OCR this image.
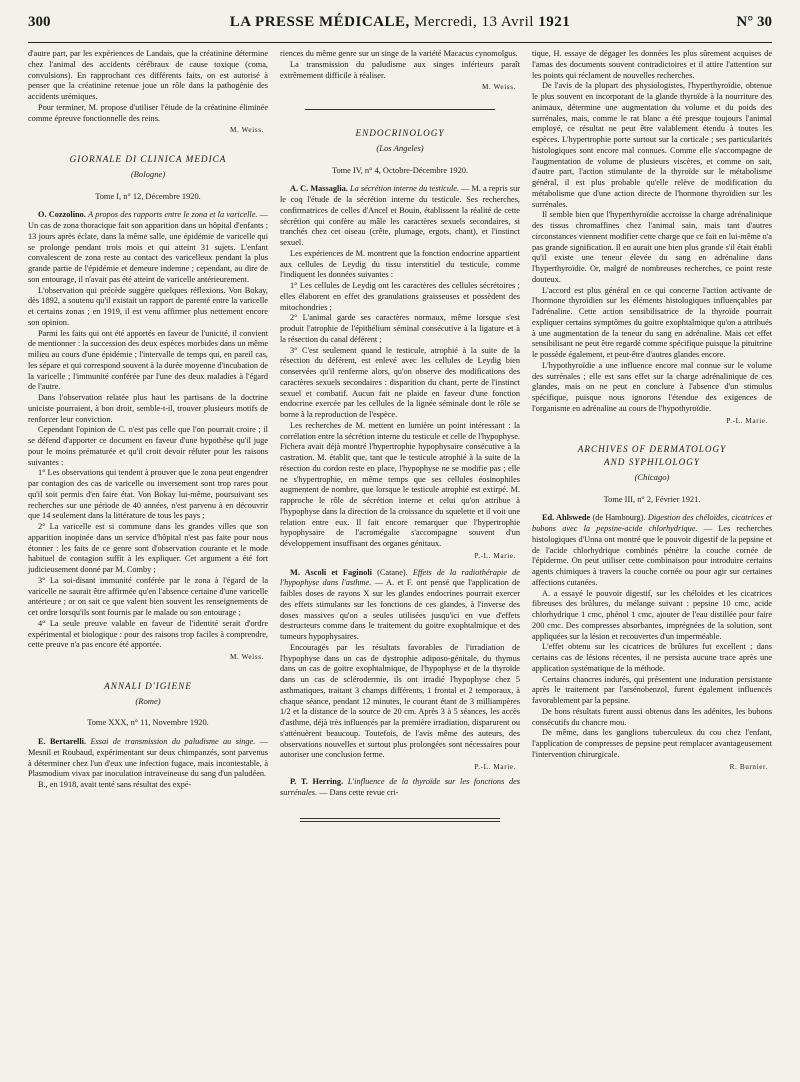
300	LA PRESSE MÉDICALE, Mercredi, 13 Avril 1921	N° 30

d'autre part, par les expériences de Landais, que la créatinine détermine chez l'animal des accidents cérébraux de cause toxique (coma, convulsions). En rapprochant ces différents faits, on est autorisé à penser que la créatinine retenue joue un rôle dans la pathogénie des accidents urémiques.

Pour terminer, M. propose d'utiliser l'étude de la créatinine éliminée comme épreuve fonctionnelle des reins.

M. Weiss.
GIORNALE DI CLINICA MEDICA
(Bologne)
Tome I, n° 12, Décembre 1920.

O. Cozzolino. A propos des rapports entre le zona et la varicelle. — Un cas de zona thoracique fait son apparition dans un hôpital d'enfants ; 13 jours après éclate, dans la même salle, une épidémie de varicelle qui se prolonge pendant trois mois et qui atteint 31 sujets. L'enfant convalescent de zona reste au contact des varicelleux pendant la plus grande partie de l'épidémie et demeure indemne ; cependant, au dire de son entourage, il n'avait pas été atteint de varicelle antérieurement.

L'observation qui précède suggère quelques réflexions. Von Bokay, dès 1892, a soutenu qu'il existait un rapport de parenté entre la varicelle et certains zonas ; en 1919, il est venu affirmer plus nettement encore son opinion.

Parmi les faits qui ont été apportés en faveur de l'unicité, il convient de mentionner : la succession des deux espèces morbides dans un même milieu au cours d'une épidémie ; l'intervalle de temps qui, en pareil cas, les sépare et qui correspond souvent à la durée moyenne d'incubation de la varicelle ; l'immunité conférée par l'une des deux maladies à l'égard de l'autre.

Dans l'observation relatée plus haut les partisans de la doctrine uniciste pourraient, à bon droit, semble-t-il, trouver plusieurs motifs de renforcer leur conviction.

Cependant l'opinion de C. n'est pas celle que l'on pourrait croire ; il se défend d'apporter ce document en faveur d'une hypothèse qu'il juge pour le moins prématurée et qu'il croit devoir réfuter pour les raisons suivantes :

1° Les observations qui tendent à prouver que le zona peut engendrer par contagion des cas de varicelle ou inversement sont trop rares pour qu'il soit permis d'en faire état. Von Bokay lui-même, poursuivant ses recherches sur une période de 40 années, n'est parvenu à en découvrir que 14 seulement dans la littérature de tous les pays ;

2° La varicelle est si commune dans les grandes villes que son apparition inopinée dans un service d'hôpital n'est pas faite pour nous étonner : les faits de ce genre sont d'observation courante et le mode habituel de contagion suffit à les expliquer. Cet argument a été fort judicieusement donné par M. Comby ;

3° La soi-disant immunité conférée par le zona à l'égard de la varicelle ne saurait être affirmée qu'en l'absence certaine d'une varicelle antérieure ; or on sait ce que valent bien souvent les renseignements de cet ordre lorsqu'ils sont fournis par le malade ou son entourage ;

4° La seule preuve valable en faveur de l'identité serait d'ordre expérimental et biologique : pour des raisons trop faciles à comprendre, cette preuve n'a pas encore été apportée.

M. Weiss.
ANNALI D'IGIENE
(Rome)
Tome XXX, n° 11, Novembre 1920.

E. Bertarelli. Essai de transmission du paludisme au singe. — Mesnil et Roubaud, expérimentant sur deux chimpanzés, sont parvenus à déterminer chez l'un d'eux une infection fugace, mais incontestable, à Plasmodium vivax par inoculation intraveineuse du sang d'un paludéen.

B., en 1918, avait tenté sans résultat des expé-

riences du même genre sur un singe de la variété Macacus cynomolgus.

La transmission du paludisme aux singes inférieurs paraît extrêmement difficile à réaliser.

M. Weiss.
ENDOCRINOLOGY
(Los Angeles)
Tome IV, n° 4, Octobre-Décembre 1920.

A. C. Massaglia. La sécrétion interne du testicule. — M. a repris sur le coq l'étude de la sécrétion interne du testicule. Ses recherches, confirmatrices de celles d'Ancel et Bouin, établissent la réalité de cette sécrétion qui confère au mâle les caractères sexuels secondaires, si tranchés chez cet oiseau (crête, plumage, ergots, chant), et l'instinct sexuel.

Les expériences de M. montrent que la fonction endocrine appartient aux cellules de Leydig du tissu interstitiel du testicule, comme l'indiquent les données suivantes :

1° Les cellules de Leydig ont les caractères des cellules sécrétoires ; elles élaborent en effet des granulations graisseuses et possèdent des mitochondries ;

2° L'animal garde ses caractères normaux, même lorsque s'est produit l'atrophie de l'épithélium séminal consécutive à la ligature et à la résection du canal déférent ;

3° C'est seulement quand le testicule, atrophié à la suite de la résection du déférent, est enlevé avec les cellules de Leydig bien conservées qu'il renferme alors, qu'on observe des modifications des caractères sexuels secondaires : disparition du chant, perte de l'instinct sexuel et combatif. Aucun fait ne plaide en faveur d'une fonction endocrine exercée par les cellules de la lignée séminale dont le rôle se borne à la reproduction de l'espèce.

Les recherches de M. mettent en lumière un point intéressant : la corrélation entre la sécrétion interne du testicule et celle de l'hypophyse. Fichera avait déjà montré l'hypertrophie hypophysaire consécutive à la castration. M. établit que, tant que le testicule atrophié à la suite de la résection du cordon reste en place, l'hypophyse ne se modifie pas ; elle ne s'hypertrophie, en même temps que ses cellules éosinophiles augmentent de nombre, que lorsque le testicule atrophié est extirpé. M. rapproche le rôle de sécrétion interne et celui qu'on attribue à l'hypophyse dans la direction de la croissance du squelette et il voit une relation entre eux. Il fait encore remarquer que l'hypertrophie hypophysaire de l'acromégalie s'accompagne souvent d'un développement insuffisant des organes génitaux.

P.-L. Marie.

M. Ascoli et Faginoli (Catane). Effets de la radiothérapie de l'hypophyse dans l'asthme. — A. et F. ont pensé que l'application de faibles doses de rayons X sur les glandes endocrines pourrait exercer des effets stimulants sur les fonctions de ces glandes, à l'inverse des doses massives qu'on a seules utilisées jusqu'ici en vue d'effets destructeurs comme dans le traitement du goitre exophtalmique et des tumeurs hypophysaires.

Encouragés par les résultats favorables de l'irradiation de l'hypophyse dans un cas de dystrophie adiposo-génitale, du thymus dans un cas de goitre exophtalmique, de l'hypophyse et de la thyroïde dans un cas de sclérodermie, ils ont irradié l'hypophyse chez 5 asthmatiques, traitant 3 champs différents, 1 frontal et 2 temporaux, à chaque séance, pendant 12 minutes, le courant étant de 3 milliampères 1/2 et la distance de la source de 20 cm. Après 3 à 5 séances, les accès d'asthme, déjà très influencés par la première irradiation, disparurent ou s'atténuèrent beaucoup. Toutefois, de l'avis même des auteurs, des observations nouvelles et surtout plus prolongées sont nécessaires pour autoriser une conclusion ferme.

P.-L. Marie.

P. T. Herring. L'influence de la thyroïde sur les fonctions des surrénales. — Dans cette revue cri-

tique, H. essaye de dégager les données les plus sûrement acquises de l'amas des documents souvent contradictoires et il attire l'attention sur les points qui réclament de nouvelles recherches.

De l'avis de la plupart des physiologistes, l'hyperthyroïdie, obtenue le plus souvent en incorporant de la glande thyroïde à la nourriture des animaux, détermine une augmentation du volume et du poids des surrénales, mais, comme le rat blanc a été presque toujours l'animal employé, ce résultat ne peut être valablement étendu à toutes les espèces. L'hypertrophie porte surtout sur la corticale ; ses particularités histologiques sont encore mal connues. Comme elle s'accompagne de l'augmentation de volume de plusieurs viscères, et comme on sait, d'autre part, l'action stimulante de la thyroïde sur le métabolisme général, il est plus probable qu'elle relève de modification du métabolisme que d'une action directe de l'hormone thyroïdien sur les surrénales.

Il semble bien que l'hyperthyroïdie accroisse la charge adrénalinique des tissus chromaffines chez l'animal sain, mais tant d'autres circonstances viennent modifier cette charge que ce fait en lui-même n'a pas grande signification. Il en aurait une bien plus grande s'il était établi qu'il existe une teneur élevée du sang en adrénaline dans l'hyperthyroïdie. Or, malgré de nombreuses recherches, ce point reste douteux.

L'accord est plus général en ce qui concerne l'action activante de l'hormone thyroïdien sur les éléments histologiques influençables par l'adrénaline. Cette action sensibilisatrice de la thyroïde pourrait expliquer certains symptômes du goitre exophtalmique qu'on a attribués à une augmentation de la teneur du sang en adrénaline. Mais cet effet sensibilisant ne peut être regardé comme spécifique puisque la pituitrine le possède également, et peut-être d'autres glandes encore.

L'hypothyroïdie a une influence encore mal connue sur le volume des surrénales ; elle est sans effet sur la charge adrénalinique de ces glandes, mais on ne peut en conclure à l'absence d'un stimulus spécifique, puisque nous ignorons l'étendue des exigences de l'organisme en adrénaline au cours de l'hypothyroïdie.

P.-L. Marie.
ARCHIVES OF DERMATOLOGY
AND SYPHILOLOGY
(Chicago)
Tome III, n° 2, Février 1921.

Ed. Ahlswede (de Hambourg). Digestion des chéloïdes, cicatrices et bubons avec la pepsine-acide chlorhydrique. — Les recherches histologiques d'Unna ont montré que le pouvoir digestif de la pepsine et de l'acide chlorhydrique combinés pénètre la couche cornée de l'épiderme. On peut utiliser cette combinaison pour introduire certains agents chimiques à travers la couche cornée ou pour agir sur certaines affections cutanées.

A. a essayé le pouvoir digestif, sur les chéloïdes et les cicatrices fibreuses des brûlures, du mélange suivant : pepsine 10 cmc, acide chlorhydrique 1 cmc, phénol 1 cmc, ajouter de l'eau distillée pour faire 200 cmc. Des compresses absorbantes, imprégnées de la solution, sont appliquées sur la lésion et recouvertes d'un imperméable.

L'effet obtenu sur les cicatrices de brûlures fut excellent ; dans certains cas de lésions récentes, il ne persista aucune trace après une application systématique de la méthode.

Certains chancres indurés, qui présentent une induration persistante après le traitement par l'arsénobenzol, furent également influencés favorablement par la pepsine.

De bons résultats furent aussi obtenus dans les adénites, les bubons consécutifs du chancre mou.

De même, dans les ganglions tuberculeux du cou chez l'enfant, l'application de compresses de pepsine peut remplacer avantageusement l'intervention chirurgicale.

R. Burnier.
